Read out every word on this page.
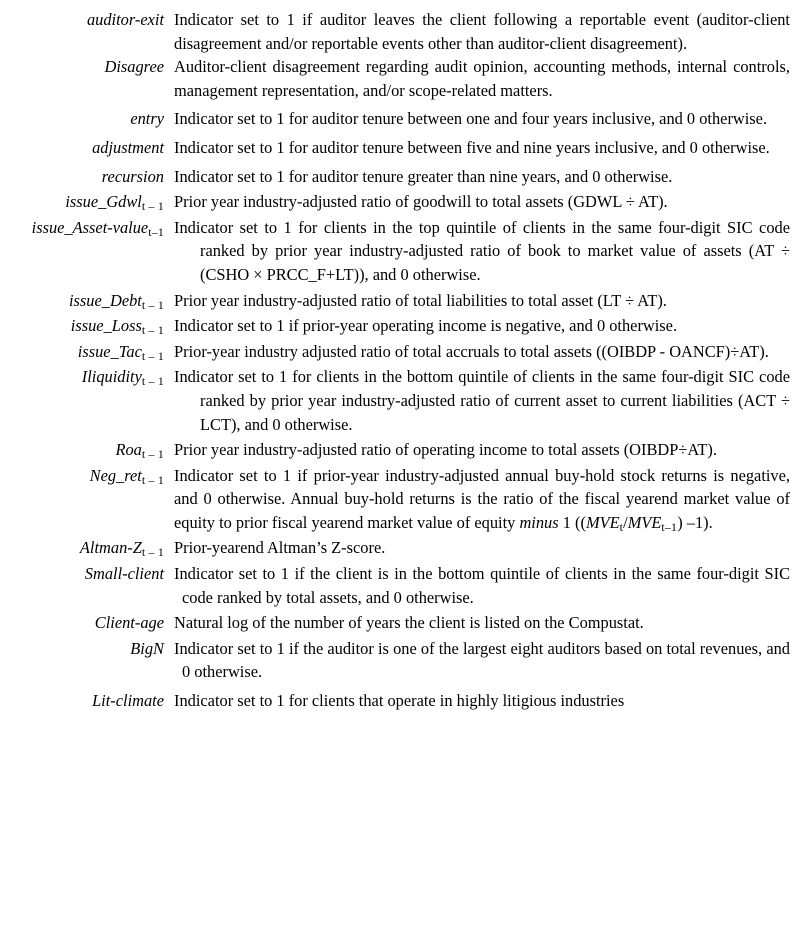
auditor-exit	Indicator set to 1 if auditor leaves the client following a reportable event (auditor-client disagreement and/or reportable events other than auditor-client disagreement).
Disagree	Auditor-client disagreement regarding audit opinion, accounting methods, internal controls, management representation, and/or scope-related matters.
entry	Indicator set to 1 for auditor tenure between one and four years inclusive, and 0 otherwise.
adjustment	Indicator set to 1 for auditor tenure between five and nine years inclusive, and 0 otherwise.
recursion	Indicator set to 1 for auditor tenure greater than nine years, and 0 otherwise.
issue_Gdwl$_{t - 1}$	Prior year industry-adjusted ratio of goodwill to total assets (GDWL ÷ AT).
issue_Asset-value$_{t-1}$	Indicator set to 1 for clients in the top quintile of clients in the same four-digit SIC code ranked by prior year industry-adjusted ratio of book to market value of assets (AT ÷ (CSHO × PRCC_F+LT)), and 0 otherwise.
issue_Debt$_{t - 1}$	Prior year industry-adjusted ratio of total liabilities to total asset (LT ÷ AT).
issue_Loss$_{t - 1}$	Indicator set to 1 if prior-year operating income is negative, and 0 otherwise.
issue_Tac$_{t - 1}$	Prior-year industry adjusted ratio of total accruals to total assets ((OIBDP - OANCF)÷AT).
Iliquidity$_{t - 1}$	Indicator set to 1 for clients in the bottom quintile of clients in the same four-digit SIC code ranked by prior year industry-adjusted ratio of current asset to current liabilities (ACT ÷ LCT), and 0 otherwise.
Roa$_{t - 1}$	Prior year industry-adjusted ratio of operating income to total assets (OIBDP÷AT).
Neg_ret$_{t - 1}$	Indicator set to 1 if prior-year industry-adjusted annual buy-hold stock returns is negative, and 0 otherwise. Annual buy-hold returns is the ratio of the fiscal yearend market value of equity to prior fiscal yearend market value of equity minus 1 ($(MVE_t/MVE_{t-1})$ –1).
Altman-$Z_{t - 1}$	Prior-yearend Altman’s Z-score.
Small-client	Indicator set to 1 if the client is in the bottom quintile of clients in the same four-digit SIC code ranked by total assets, and 0 otherwise.
Client-age	Natural log of the number of years the client is listed on the Compustat.
BigN	Indicator set to 1 if the auditor is one of the largest eight auditors based on total revenues, and 0 otherwise.
Lit-climate	Indicator set to 1 for clients that operate in highly litigious industries
